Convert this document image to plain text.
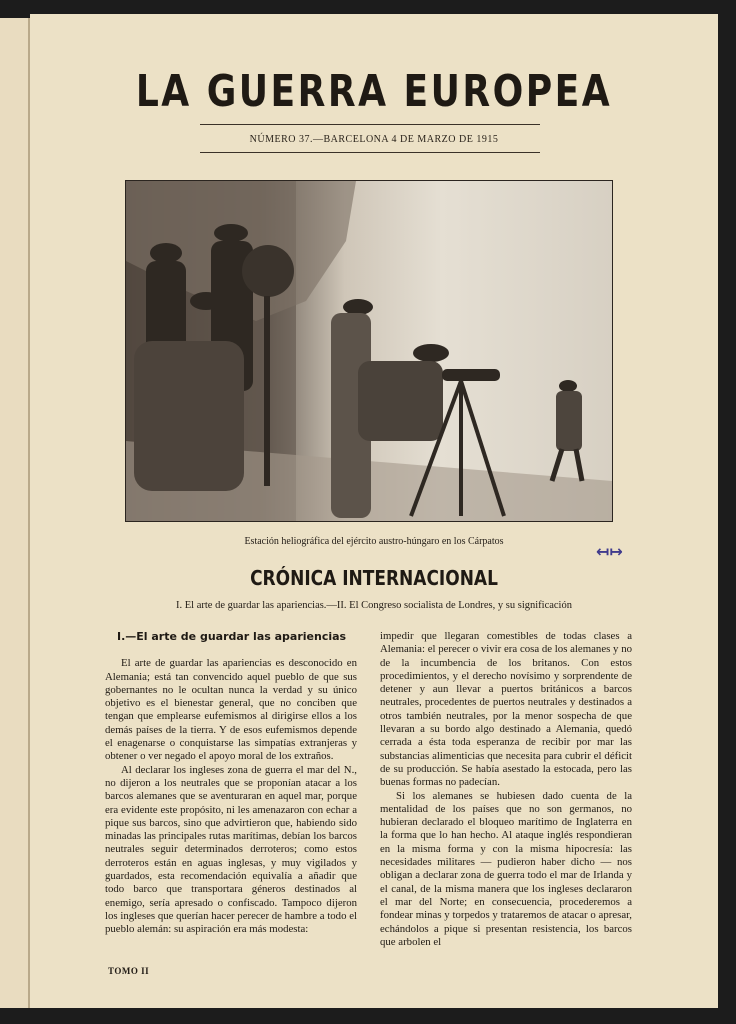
LA GUERRA EUROPEA
NÚMERO 37.—BARCELONA 4 DE MARZO DE 1915
Estación heliográfica del ejército austro-húngaro en los Cárpatos
↤↦
CRÓNICA INTERNACIONAL
I. El arte de guardar las apariencias.—II. El Congreso socialista de Londres, y su significación
I.—El arte de guardar las apariencias

El arte de guardar las apariencias es desconocido en Alemania; está tan convencido aquel pueblo de que sus gobernantes no le ocultan nunca la verdad y su único objetivo es el bienestar general, que no conciben que tengan que emplearse eufemismos al dirigirse ellos a los demás países de la tierra. Y de esos eufemismos depende el enagenarse o conquistarse las simpatías extranjeras y obtener o ver negado el apoyo moral de los extraños.

Al declarar los ingleses zona de guerra el mar del N., no dijeron a los neutrales que se proponían atacar a los barcos alemanes que se aventuraran en aquel mar, porque era evidente este propósito, ni les amenazaron con echar a pique sus barcos, sino que advirtieron que, habiendo sido minadas las principales rutas marítimas, debían los barcos neutrales seguir determinados derroteros; como estos derroteros están en aguas inglesas, y muy vigilados y guardados, esta recomendación equivalía a añadir que todo barco que transportara géneros destinados al enemigo, sería apresado o confiscado. Tampoco dijeron los ingleses que querían hacer perecer de hambre a todo el pueblo alemán: su aspiración era más modesta:

impedir que llegaran comestibles de todas clases a Alemania: el perecer o vivir era cosa de los alemanes y no de la incumbencia de los britanos. Con estos procedimientos, y el derecho novísimo y sorprendente de detener y aun llevar a puertos británicos a barcos neutrales, procedentes de puertos neutrales y destinados a otros también neutrales, por la menor sospecha de que llevaran a su bordo algo destinado a Alemania, quedó cerrada a ésta toda esperanza de recibir por mar las substancias alimenticias que necesita para cubrir el déficit de su producción. Se había asestado la estocada, pero las buenas formas no padecían.

Si los alemanes se hubiesen dado cuenta de la mentalidad de los países que no son germanos, no hubieran declarado el bloqueo marítimo de Inglaterra en la forma que lo han hecho. Al ataque inglés respondieran en la misma forma y con la misma hipocresía: las necesidades militares — pudieron haber dicho — nos obligan a declarar zona de guerra todo el mar de Irlanda y el canal, de la misma manera que los ingleses declararon el mar del Norte; en consecuencia, procederemos a fondear minas y torpedos y trataremos de atacar o apresar, echándolos a pique si presentan resistencia, los barcos que arbolen el

TOMO II
